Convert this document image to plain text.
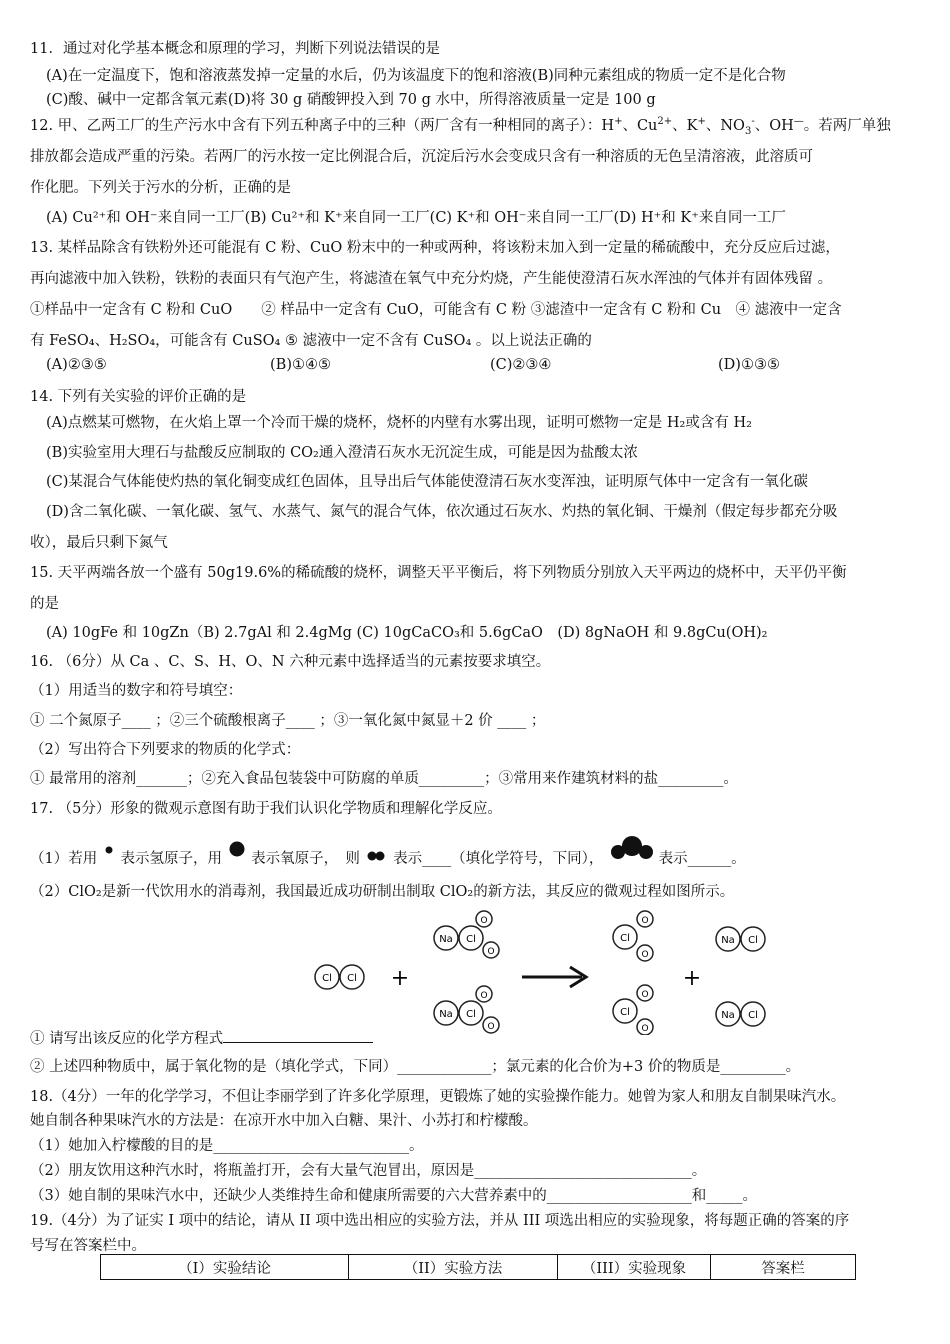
11．通过对化学基本概念和原理的学习，判断下列说法错误的是
(A)在一定温度下，饱和溶液蒸发掉一定量的水后，仍为该温度下的饱和溶液(B)同种元素组成的物质一定不是化合物
(C)酸、碱中一定都含氧元素(D)将 30 g 硝酸钾投入到 70 g 水中，所得溶液质量一定是 100 g
12. 甲、乙两工厂的生产污水中含有下列五种离子中的三种（两厂含有一种相同的离子）：H+、$Cu^{2+}$、K+、$NO_3^-$、OH—。若两厂单独
排放都会造成严重的污染。若两厂的污水按一定比例混合后，沉淀后污水会变成只含有一种溶质的无色呈清溶液，此溶质可
作化肥。下列关于污水的分析，正确的是
(A) Cu²⁺和 OH⁻来自同一工厂(B) Cu²⁺和 K⁺来自同一工厂(C) K⁺和 OH⁻来自同一工厂(D) H⁺和 K⁺来自同一工厂
13. 某样品除含有铁粉外还可能混有 C 粉、CuO 粉末中的一种或两种，将该粉末加入到一定量的稀硫酸中，充分反应后过滤，
再向滤液中加入铁粉，铁粉的表面只有气泡产生，将滤渣在氧气中充分灼烧，产生能使澄清石灰水浑浊的气体并有固体残留 。
①样品中一定含有 C 粉和 CuO　　② 样品中一定含有 CuO，可能含有 C 粉 ③滤渣中一定含有 C 粉和 Cu　④ 滤液中一定含
有 FeSO₄、H₂SO₄，可能含有 CuSO₄ ⑤ 滤液中一定不含有 CuSO₄ 。以上说法正确的
(A)②③⑤	(B)①④⑤	(C)②③④	(D)①③⑤
14. 下列有关实验的评价正确的是
(A)点燃某可燃物，在火焰上罩一个冷而干燥的烧杯，烧杯的内壁有水雾出现，证明可燃物一定是 H₂或含有 H₂
(B)实验室用大理石与盐酸反应制取的 CO₂通入澄清石灰水无沉淀生成，可能是因为盐酸太浓
(C)某混合气体能使灼热的氧化铜变成红色固体，且导出后气体能使澄清石灰水变浑浊，证明原气体中一定含有一氧化碳
(D)含二氧化碳、一氧化碳、氢气、水蒸气、氮气的混合气体，依次通过石灰水、灼热的氧化铜、干燥剂（假定每步都充分吸
收），最后只剩下氮气
15. 天平两端各放一个盛有 50g19.6%的稀硫酸的烧杯，调整天平平衡后，将下列物质分别放入天平两边的烧杯中，天平仍平衡
的是
(A) 10gFe 和 10gZn（B) 2.7gAl 和 2.4gMg (C) 10gCaCO₃和 5.6gCaO　(D) 8gNaOH 和 9.8gCu(OH)₂
16. （6分）从 Ca 、C、S、H、O、N 六种元素中选择适当的元素按要求填空。
（1）用适当的数字和符号填空：
① 二个氮原子____ ；②三个硫酸根离子____ ；③一氧化氮中氮显＋2 价 ____ ；
（2）写出符合下列要求的物质的化学式：
① 最常用的溶剂_______；②充入食品包装袋中可防腐的单质_________；③常用来作建筑材料的盐_________。
17. （5分）形象的微观示意图有助于我们认识化学物质和理解化学反应。
（1）若用 表示氢原子，用 表示氧原子，　则 表示____（填化学符号，下同），	表示______。
（2）ClO₂是新一代饮用水的消毒剂，我国最近成功研制出制取 ClO₂的新方法，其反应的微观过程如图所示。
Cl Cl +
Na Cl
O
O
Na Cl
O
O
Cl
O
O
Cl
O
O
+
Na Cl
Na Cl
① 请写出该反应的化学方程式
② 上述四种物质中，属于氧化物的是（填化学式，下同）_____________；氯元素的化合价为+3 价的物质是_________。
18.（4分）一年的化学学习，不但让李丽学到了许多化学原理，更锻炼了她的实验操作能力。她曾为家人和朋友自制果味汽水。
她自制各种果味汽水的方法是：在凉开水中加入白糖、果汁、小苏打和柠檬酸。
（1）她加入柠檬酸的目的是___________________________。
（2）朋友饮用这种汽水时，将瓶盖打开，会有大量气泡冒出，原因是______________________________。
（3）她自制的果味汽水中，还缺少人类维持生命和健康所需要的六大营养素中的____________________和_____。
19.（4分）为了证实 I 项中的结论，请从 II 项中选出相应的实验方法，并从 III 项选出相应的实验现象，将每题正确的答案的序
号写在答案栏中。
（I）实验结论	（II）实验方法	（III）实验现象	答案栏
